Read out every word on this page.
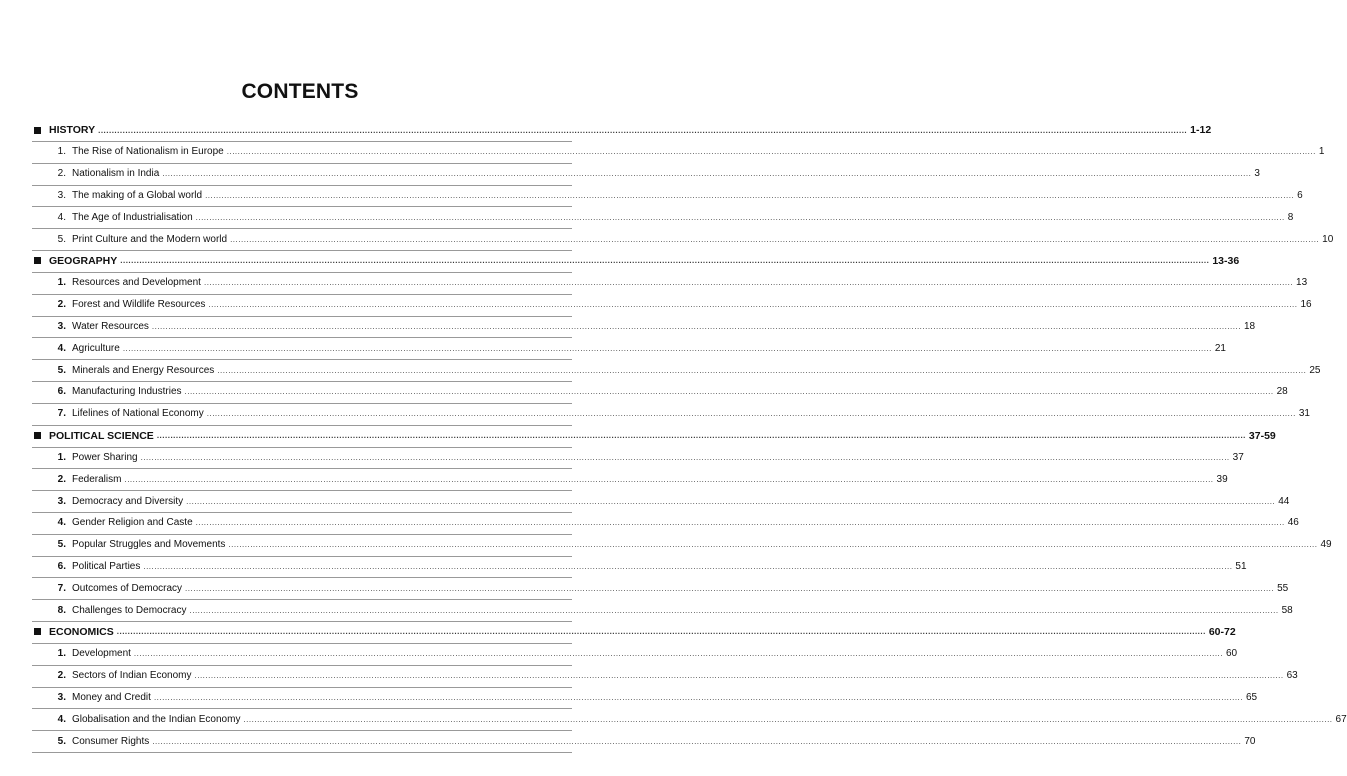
CONTENTS
HISTORY ................................................................................................................................................................................................................................................................................................................................................................................................................ 1-12
1. The Rise of Nationalism in Europe ................................................................................................................................................................................................................................................................................................................................................................................................................ 1
2. Nationalism in India ................................................................................................................................................................................................................................................................................................................................................................................................................ 3
3. The making of a Global world ................................................................................................................................................................................................................................................................................................................................................................................................................ 6
4. The Age of Industrialisation ................................................................................................................................................................................................................................................................................................................................................................................................................ 8
5. Print Culture and the Modern world ................................................................................................................................................................................................................................................................................................................................................................................................................ 10
GEOGRAPHY ................................................................................................................................................................................................................................................................................................................................................................................................................ 13-36
1. Resources and Development ................................................................................................................................................................................................................................................................................................................................................................................................................ 13
2. Forest and Wildlife Resources ................................................................................................................................................................................................................................................................................................................................................................................................................ 16
3. Water Resources ................................................................................................................................................................................................................................................................................................................................................................................................................ 18
4. Agriculture ................................................................................................................................................................................................................................................................................................................................................................................................................ 21
5. Minerals and Energy Resources ................................................................................................................................................................................................................................................................................................................................................................................................................ 25
6. Manufacturing Industries ................................................................................................................................................................................................................................................................................................................................................................................................................ 28
7. Lifelines of National Economy ................................................................................................................................................................................................................................................................................................................................................................................................................ 31
POLITICAL SCIENCE ................................................................................................................................................................................................................................................................................................................................................................................................................ 37-59
1. Power Sharing ................................................................................................................................................................................................................................................................................................................................................................................................................ 37
2. Federalism ................................................................................................................................................................................................................................................................................................................................................................................................................ 39
3. Democracy and Diversity ................................................................................................................................................................................................................................................................................................................................................................................................................ 44
4. Gender Religion and Caste ................................................................................................................................................................................................................................................................................................................................................................................................................ 46
5. Popular Struggles and Movements ................................................................................................................................................................................................................................................................................................................................................................................................................ 49
6. Political Parties ................................................................................................................................................................................................................................................................................................................................................................................................................ 51
7. Outcomes of Democracy ................................................................................................................................................................................................................................................................................................................................................................................................................ 55
8. Challenges to Democracy ................................................................................................................................................................................................................................................................................................................................................................................................................ 58
ECONOMICS ................................................................................................................................................................................................................................................................................................................................................................................................................ 60-72
1. Development ................................................................................................................................................................................................................................................................................................................................................................................................................ 60
2. Sectors of Indian Economy ................................................................................................................................................................................................................................................................................................................................................................................................................ 63
3. Money and Credit ................................................................................................................................................................................................................................................................................................................................................................................................................ 65
4. Globalisation and the Indian Economy ................................................................................................................................................................................................................................................................................................................................................................................................................ 67
5. Consumer Rights ................................................................................................................................................................................................................................................................................................................................................................................................................ 70
